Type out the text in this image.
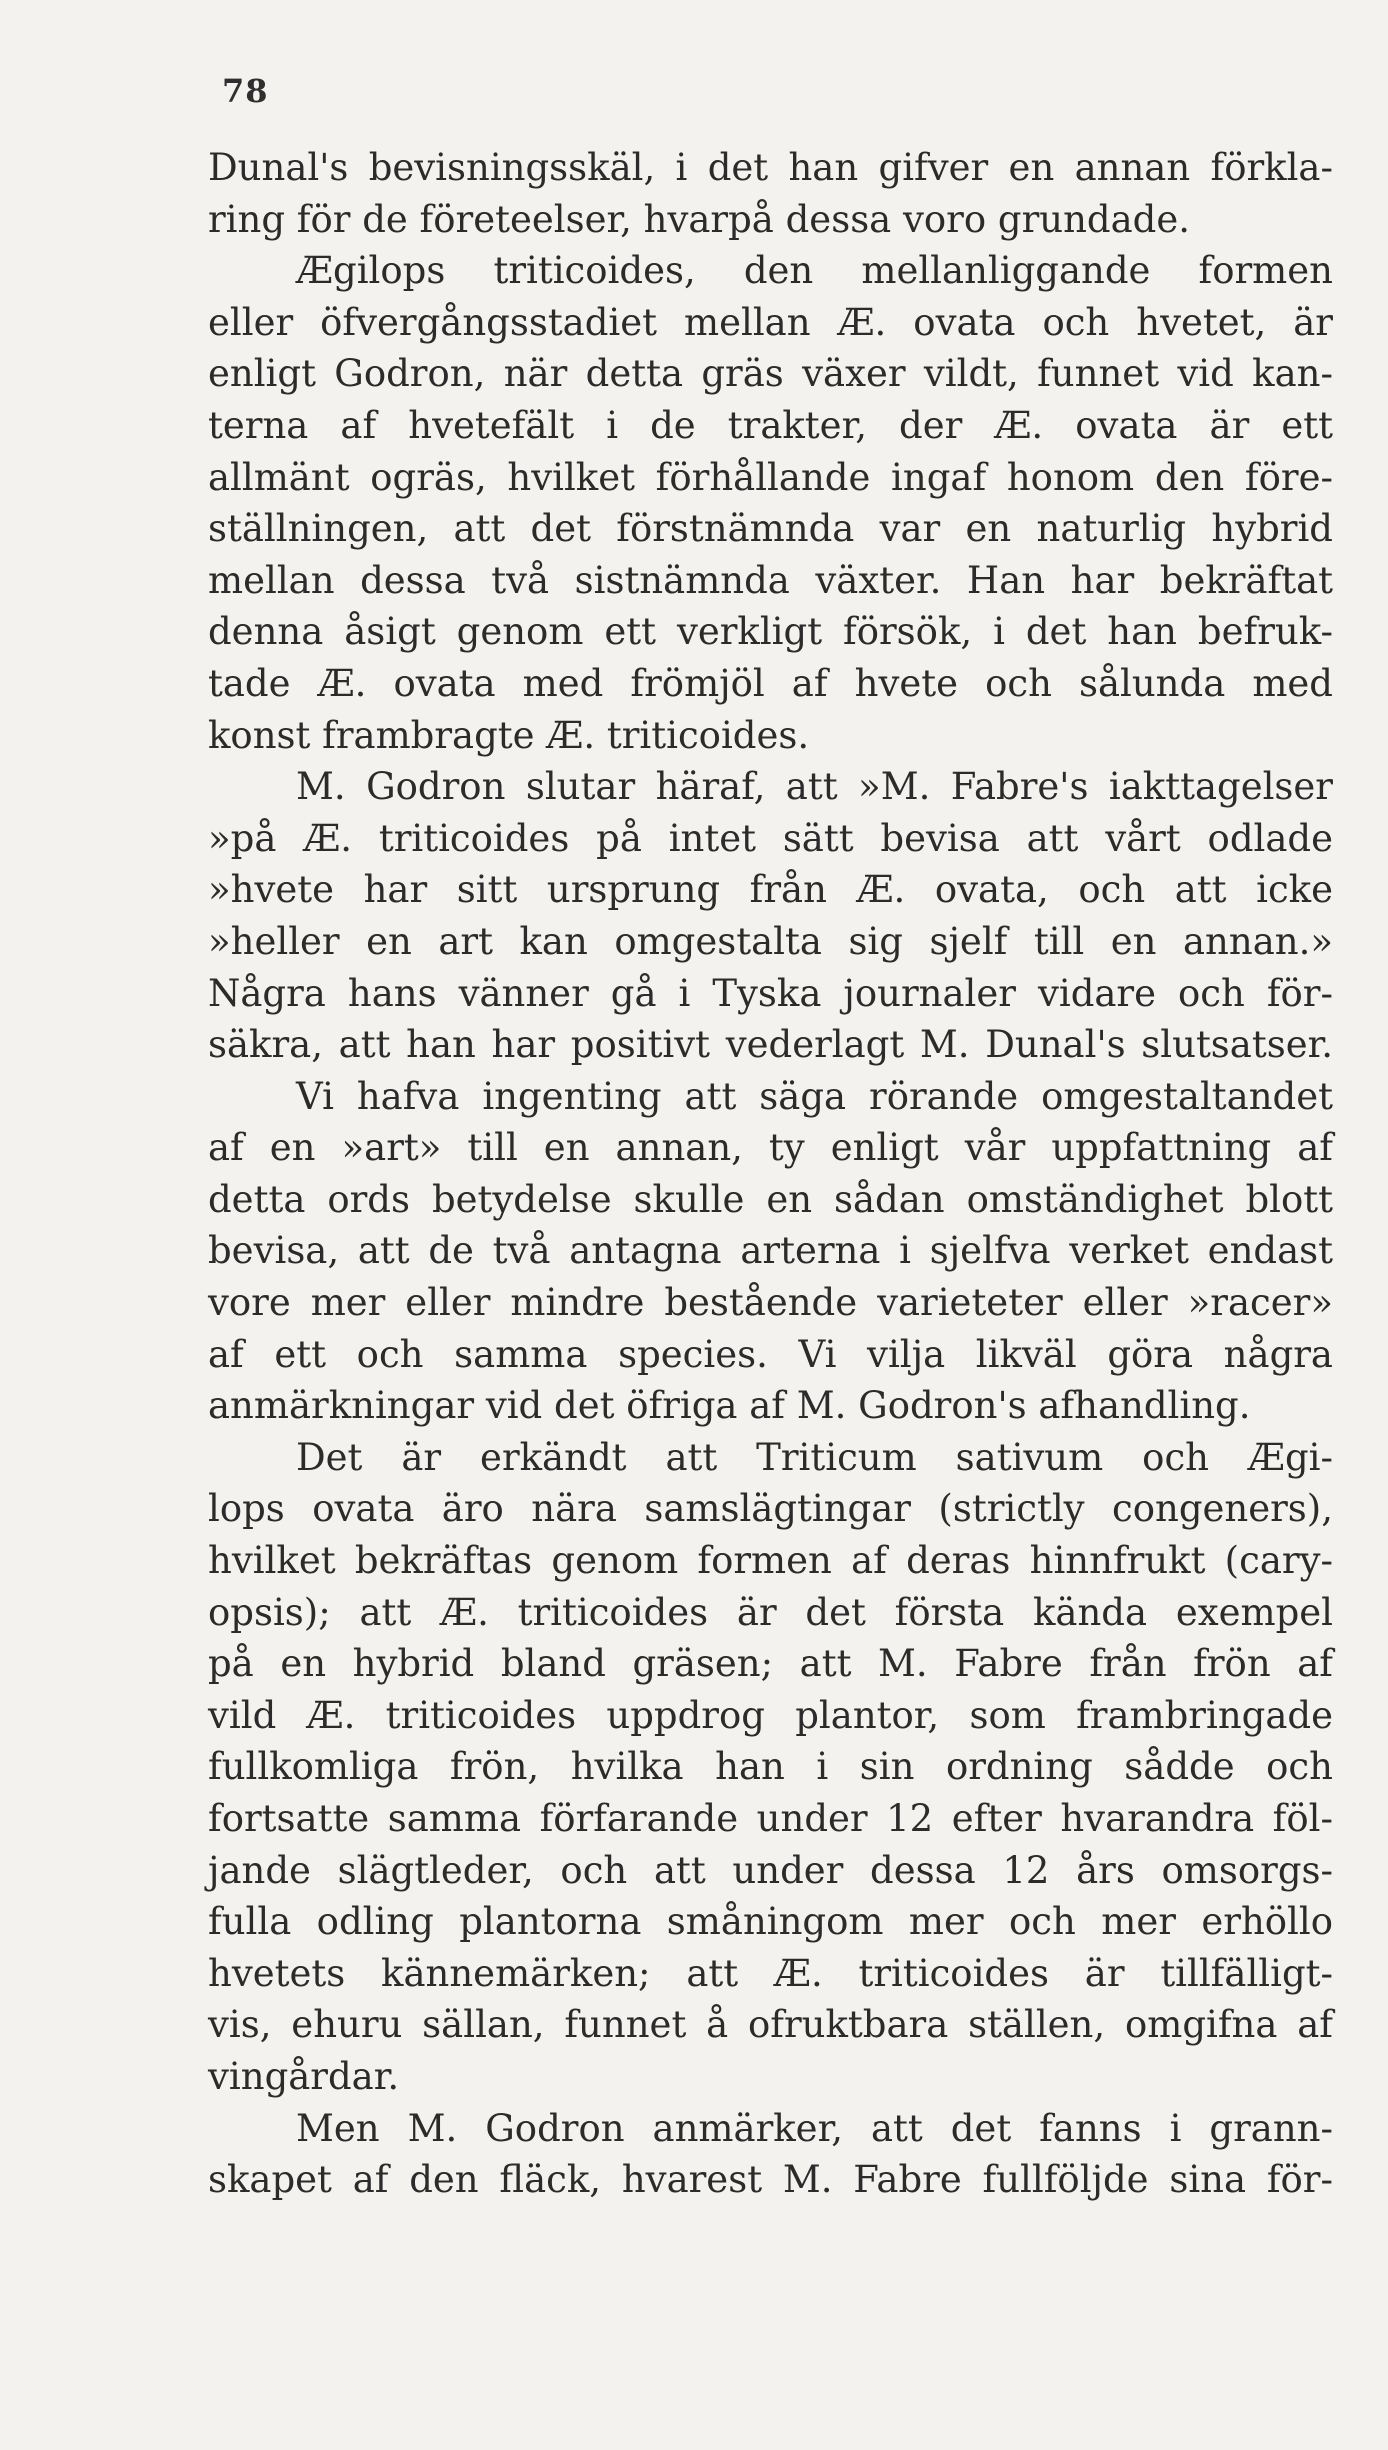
78
Dunal's bevisningsskäl, i det han gifver en annan förkla-
ring för de företeelser, hvarpå dessa voro grundade.
Ægilops triticoides, den mellanliggande formen
eller öfvergångsstadiet mellan Æ. ovata och hvetet, är
enligt Godron, när detta gräs växer vildt, funnet vid kan-
terna af hvetefält i de trakter, der Æ. ovata är ett
allmänt ogräs, hvilket förhållande ingaf honom den före-
ställningen, att det förstnämnda var en naturlig hybrid
mellan dessa två sistnämnda växter. Han har bekräftat
denna åsigt genom ett verkligt försök, i det han befruk-
tade Æ. ovata med frömjöl af hvete och sålunda med
konst frambragte Æ. triticoides.
M. Godron slutar häraf, att »M. Fabre's iakttagelser
»på Æ. triticoides på intet sätt bevisa att vårt odlade
»hvete har sitt ursprung från Æ. ovata, och att icke
»heller en art kan omgestalta sig sjelf till en annan.»
Några hans vänner gå i Tyska journaler vidare och för-
säkra, att han har positivt vederlagt M. Dunal's slutsatser.
Vi hafva ingenting att säga rörande omgestaltandet
af en »art» till en annan, ty enligt vår uppfattning af
detta ords betydelse skulle en sådan omständighet blott
bevisa, att de två antagna arterna i sjelfva verket endast
vore mer eller mindre bestående varieteter eller »racer»
af ett och samma species. Vi vilja likväl göra några
anmärkningar vid det öfriga af M. Godron's afhandling.
Det är erkändt att Triticum sativum och Ægi-
lops ovata äro nära samslägtingar (strictly congeners),
hvilket bekräftas genom formen af deras hinnfrukt (cary-
opsis); att Æ. triticoides är det första kända exempel
på en hybrid bland gräsen; att M. Fabre från frön af
vild Æ. triticoides uppdrog plantor, som frambringade
fullkomliga frön, hvilka han i sin ordning sådde och
fortsatte samma förfarande under 12 efter hvarandra föl-
jande slägtleder, och att under dessa 12 års omsorgs-
fulla odling plantorna småningom mer och mer erhöllo
hvetets kännemärken; att Æ. triticoides är tillfälligt-
vis, ehuru sällan, funnet å ofruktbara ställen, omgifna af
vingårdar.
Men M. Godron anmärker, att det fanns i grann-
skapet af den fläck, hvarest M. Fabre fullföljde sina för-
